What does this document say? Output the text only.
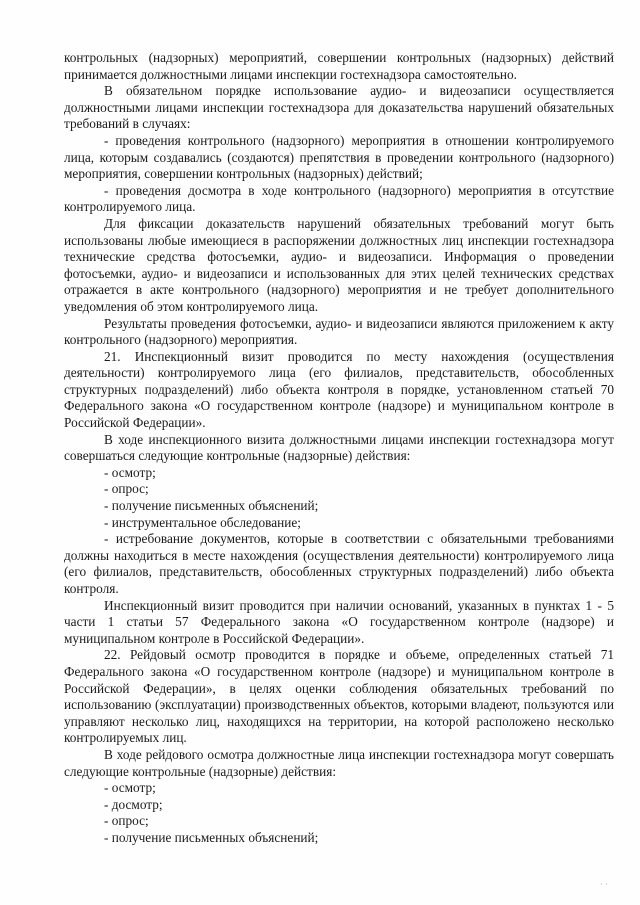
контрольных (надзорных) мероприятий, совершении контрольных (надзорных) действий принимается должностными лицами инспекции гостехнадзора самостоятельно.

В обязательном порядке использование аудио- и видеозаписи осуществляется должностными лицами инспекции гостехнадзора для доказательства нарушений обязательных требований в случаях:

- проведения контрольного (надзорного) мероприятия в отношении контролируемого лица, которым создавались (создаются) препятствия в проведении контрольного (надзорного) мероприятия, совершении контрольных (надзорных) действий;

- проведения досмотра в ходе контрольного (надзорного) мероприятия в отсутствие контролируемого лица.

Для фиксации доказательств нарушений обязательных требований могут быть использованы любые имеющиеся в распоряжении должностных лиц инспекции гостехнадзора технические средства фотосъемки, аудио- и видеозаписи. Информация о проведении фотосъемки, аудио- и видеозаписи и использованных для этих целей технических средствах отражается в акте контрольного (надзорного) мероприятия и не требует дополнительного уведомления об этом контролируемого лица.

Результаты проведения фотосъемки, аудио- и видеозаписи являются приложением к акту контрольного (надзорного) мероприятия.

21. Инспекционный визит проводится по месту нахождения (осуществления деятельности) контролируемого лица (его филиалов, представительств, обособленных структурных подразделений) либо объекта контроля в порядке, установленном статьей 70 Федерального закона «О государственном контроле (надзоре) и муниципальном контроле в Российской Федерации».

В ходе инспекционного визита должностными лицами инспекции гостехнадзора могут совершаться следующие контрольные (надзорные) действия:

- осмотр;

- опрос;

- получение письменных объяснений;

- инструментальное обследование;

- истребование документов, которые в соответствии с обязательными требованиями должны находиться в месте нахождения (осуществления деятельности) контролируемого лица (его филиалов, представительств, обособленных структурных подразделений) либо объекта контроля.

Инспекционный визит проводится при наличии оснований, указанных в пунктах 1 - 5 части 1 статьи 57 Федерального закона «О государственном контроле (надзоре) и муниципальном контроле в Российской Федерации».

22. Рейдовый осмотр проводится в порядке и объеме, определенных статьей 71 Федерального закона «О государственном контроле (надзоре) и муниципальном контроле в Российской Федерации», в целях оценки соблюдения обязательных требований по использованию (эксплуатации) производственных объектов, которыми владеют, пользуются или управляют несколько лиц, находящихся на территории, на которой расположено несколько контролируемых лиц.

В ходе рейдового осмотра должностные лица инспекции гостехнадзора могут совершать следующие контрольные (надзорные) действия:

- осмотр;

- досмотр;

- опрос;

- получение письменных объяснений;

· ·
